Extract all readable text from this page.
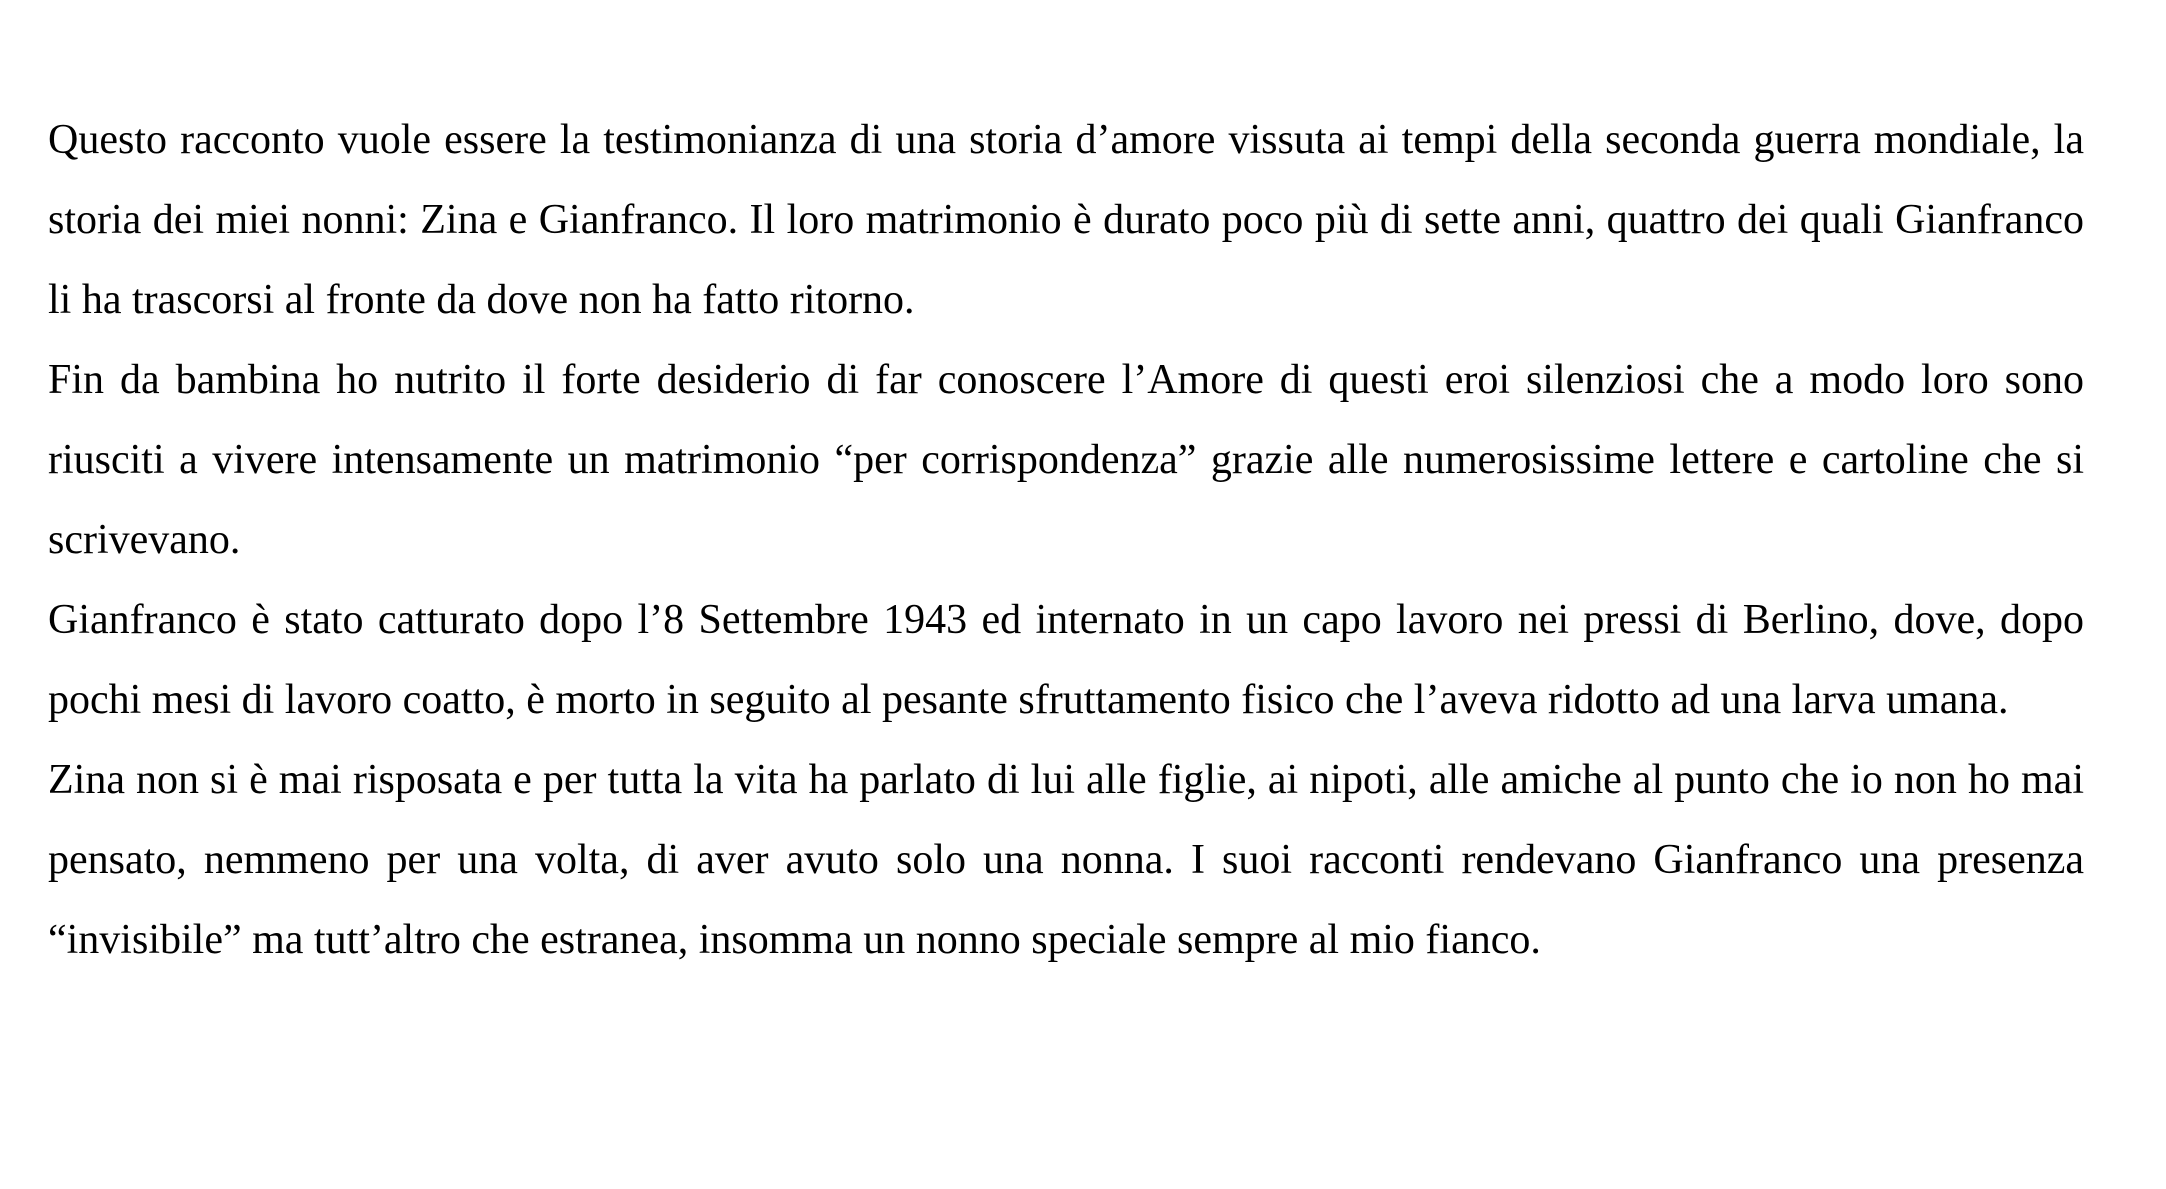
Questo racconto vuole essere la testimonianza di una storia d’amore vissuta ai tempi della seconda guerra mondiale, la storia dei miei nonni: Zina e Gianfranco. Il loro matrimonio è durato poco più di sette anni, quattro dei quali Gianfranco li ha trascorsi al fronte da dove non ha fatto ritorno.

Fin da bambina ho nutrito il forte desiderio di far conoscere l’Amore di questi eroi silenziosi che a modo loro sono riusciti a vivere intensamente un matrimonio “per corrispondenza” grazie alle numerosissime lettere e cartoline che si scrivevano.

Gianfranco è stato catturato dopo l’8 Settembre 1943 ed internato in un capo lavoro nei pressi di Berlino, dove, dopo pochi mesi di lavoro coatto, è morto in seguito al pesante sfruttamento fisico che l’aveva ridotto ad una larva umana.

Zina non si è mai risposata e per tutta la vita ha parlato di lui alle figlie, ai nipoti, alle amiche al punto che io non ho mai pensato, nemmeno per una volta, di aver avuto solo una nonna. I suoi racconti rendevano Gianfranco una presenza “invisibile” ma tutt’altro che estranea, insomma un nonno speciale sempre al mio fianco.
